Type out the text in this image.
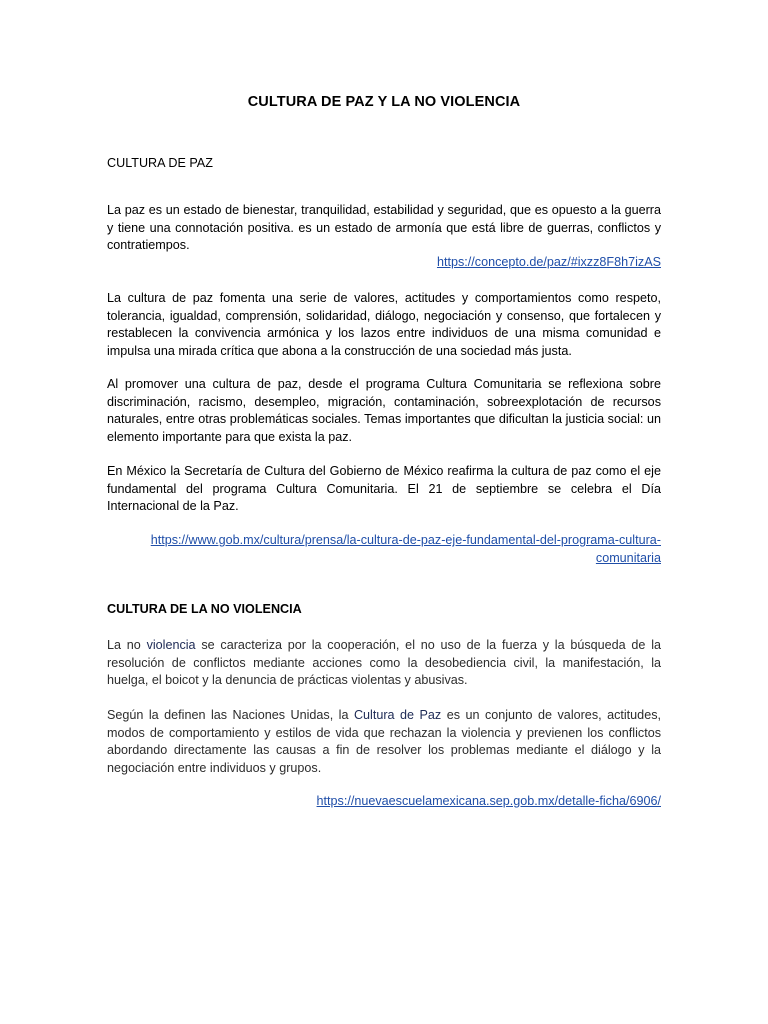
CULTURA DE PAZ Y LA NO VIOLENCIA
CULTURA DE PAZ

La paz es un estado de bienestar, tranquilidad, estabilidad y seguridad, que es opuesto a la guerra y tiene una connotación positiva. es un estado de armonía que está libre de guerras, conflictos y contratiempos.

https://concepto.de/paz/#ixzz8F8h7izAS

La cultura de paz fomenta una serie de valores, actitudes y comportamientos como respeto, tolerancia, igualdad, comprensión, solidaridad, diálogo, negociación y consenso, que fortalecen y restablecen la convivencia armónica y los lazos entre individuos de una misma comunidad e impulsa una mirada crítica que abona a la construcción de una sociedad más justa.

Al promover una cultura de paz, desde el programa Cultura Comunitaria se reflexiona sobre discriminación, racismo, desempleo, migración, contaminación, sobreexplotación de recursos naturales, entre otras problemáticas sociales. Temas importantes que dificultan la justicia social: un elemento importante para que exista la paz.

En México la Secretaría de Cultura del Gobierno de México reafirma la cultura de paz como el eje fundamental del programa Cultura Comunitaria. El 21 de septiembre se celebra el Día Internacional de la Paz.

https://www.gob.mx/cultura/prensa/la-cultura-de-paz-eje-fundamental-del-programa-cultura-
comunitaria
CULTURA DE LA NO VIOLENCIA

La no violencia se caracteriza por la cooperación, el no uso de la fuerza y la búsqueda de la resolución de conflictos mediante acciones como la desobediencia civil, la manifestación, la huelga, el boicot y la denuncia de prácticas violentas y abusivas.

Según la definen las Naciones Unidas, la Cultura de Paz es un conjunto de valores, actitudes, modos de comportamiento y estilos de vida que rechazan la violencia y previenen los conflictos abordando directamente las causas a fin de resolver los problemas mediante el diálogo y la negociación entre individuos y grupos.

https://nuevaescuelamexicana.sep.gob.mx/detalle-ficha/6906/
